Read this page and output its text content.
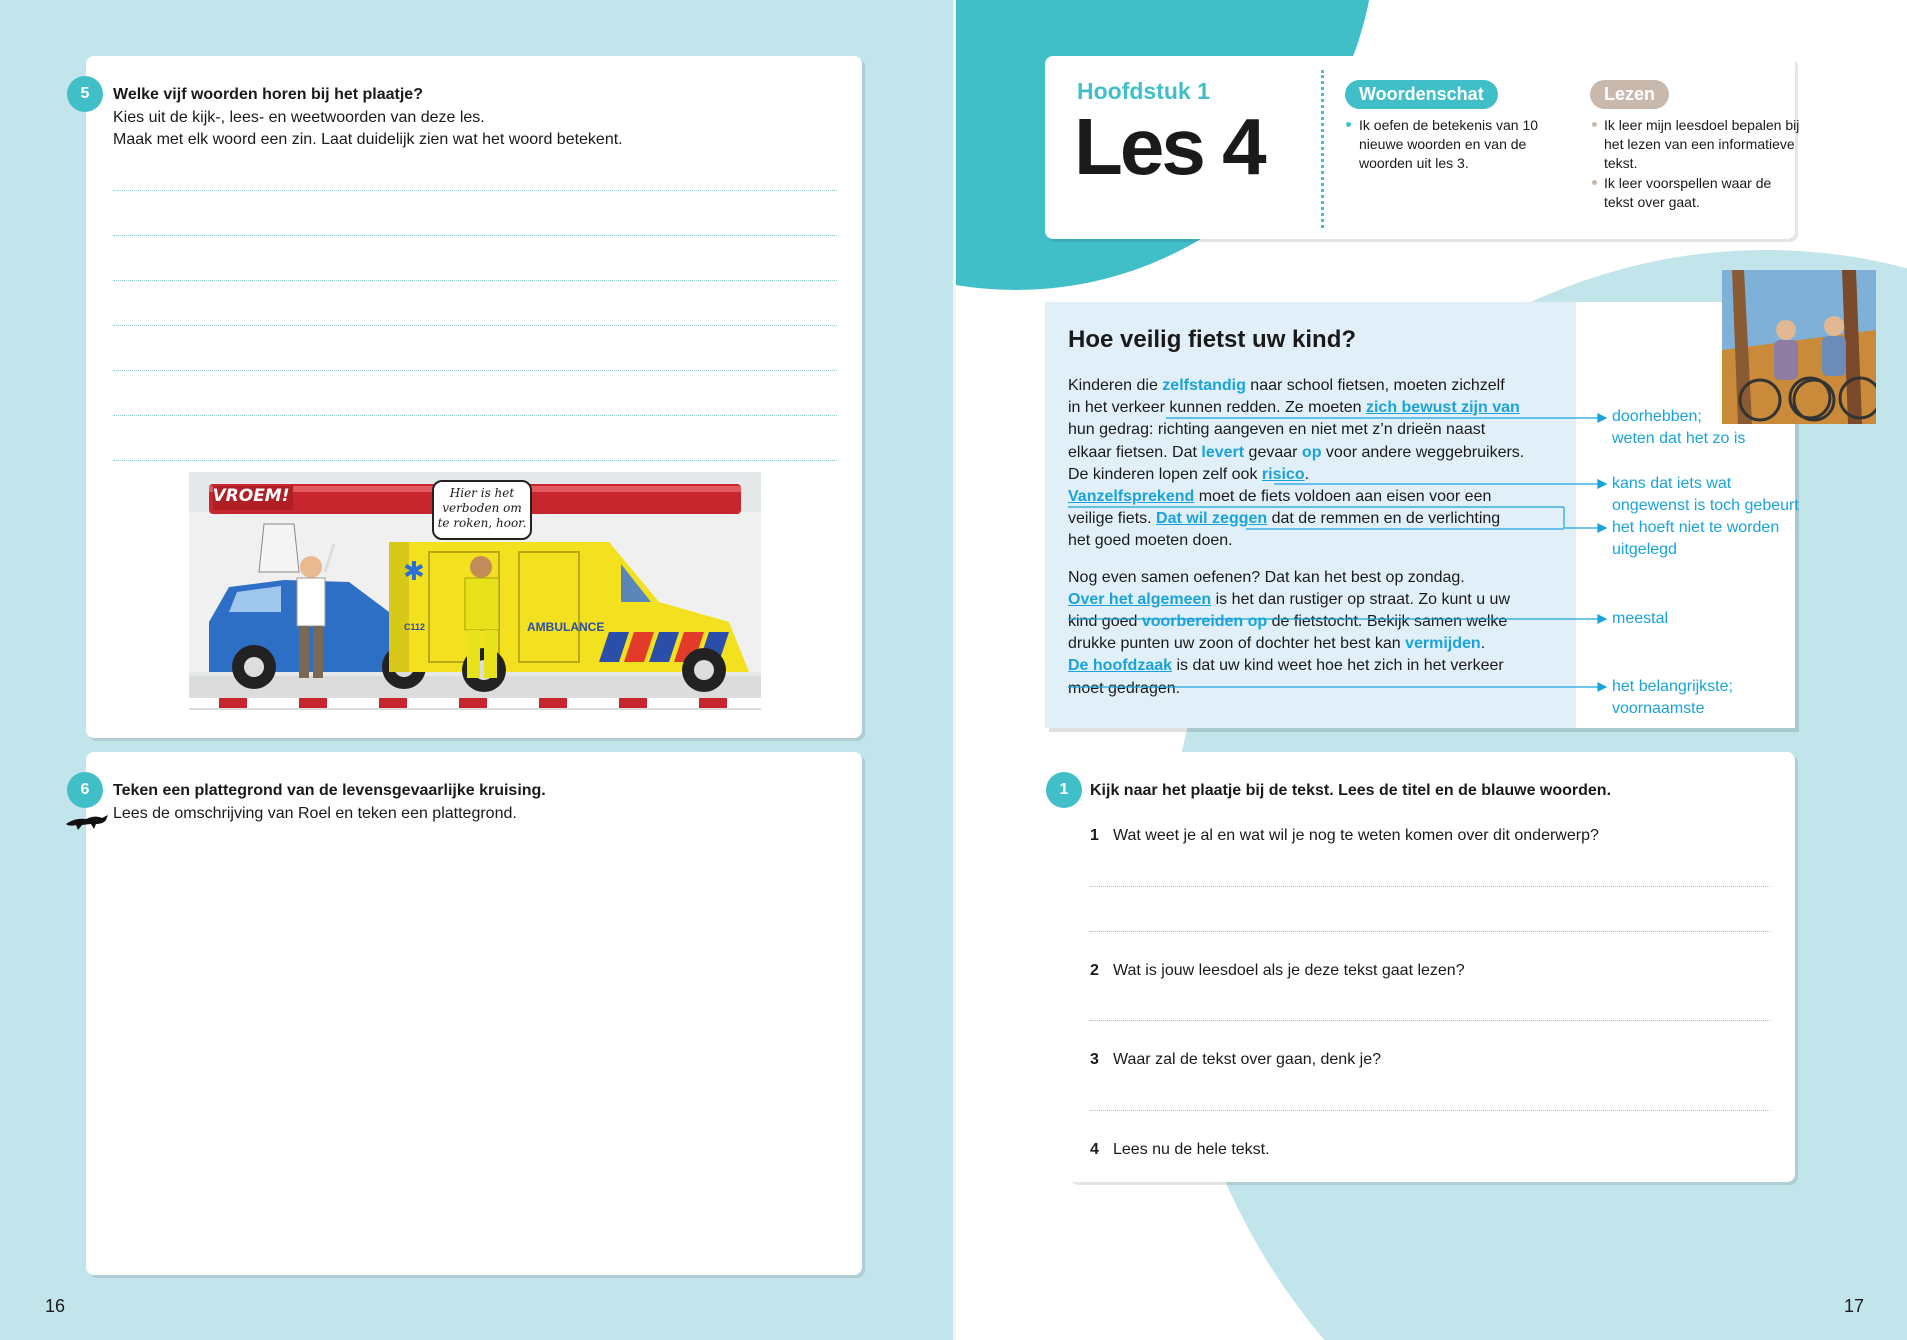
5	Welke vijf woorden horen bij het plaatje?
Kies uit de kijk-, lees- en weetwoorden van deze les.
Maak met elk woord een zin. Laat duidelijk zien wat het woord betekent.
✱
VROEM!	Hier is het verboden om te roken, hoor.
AMBULANCE
C112
6	Teken een plattegrond van de levensgevaarlijke kruising.
Lees de omschrijving van Roel en teken een plattegrond.
16
Hoofdstuk 1
Les 4
Woordenschat
Ik oefen de betekenis van 10 nieuwe woorden en van de woorden uit les 3.
Lezen
Ik leer mijn leesdoel bepalen bij het lezen van een informatieve tekst.
Ik leer voorspellen waar de tekst over gaat.
Hoe veilig fietst uw kind?
Kinderen die zelfstandig naar school fietsen, moeten zichzelf
in het verkeer kunnen redden. Ze moeten zich bewust zijn van
hun gedrag: richting aangeven en niet met z’n drieën naast
elkaar fietsen. Dat levert gevaar op voor andere weggebruikers.
De kinderen lopen zelf ook risico.
Vanzelfsprekend moet de fiets voldoen aan eisen voor een
veilige fiets. Dat wil zeggen dat de remmen en de verlichting
het goed moeten doen.
Nog even samen oefenen? Dat kan het best op zondag.
Over het algemeen is het dan rustiger op straat. Zo kunt u uw
kind goed voorbereiden op de fietstocht. Bekijk samen welke
drukke punten uw zoon of dochter het best kan vermijden.
De hoofdzaak is dat uw kind weet hoe het zich in het verkeer
moet gedragen.
doorhebben;
weten dat het zo is
kans dat iets wat
ongewenst is toch gebeurt
het hoeft niet te worden
uitgelegd
meestal
het belangrijkste;
voornaamste
1	Kijk naar het plaatje bij de tekst. Lees de titel en de blauwe woorden.
1 Wat weet je al en wat wil je nog te weten komen over dit onderwerp?
2 Wat is jouw leesdoel als je deze tekst gaat lezen?
3 Waar zal de tekst over gaan, denk je?
4 Lees nu de hele tekst.
17
